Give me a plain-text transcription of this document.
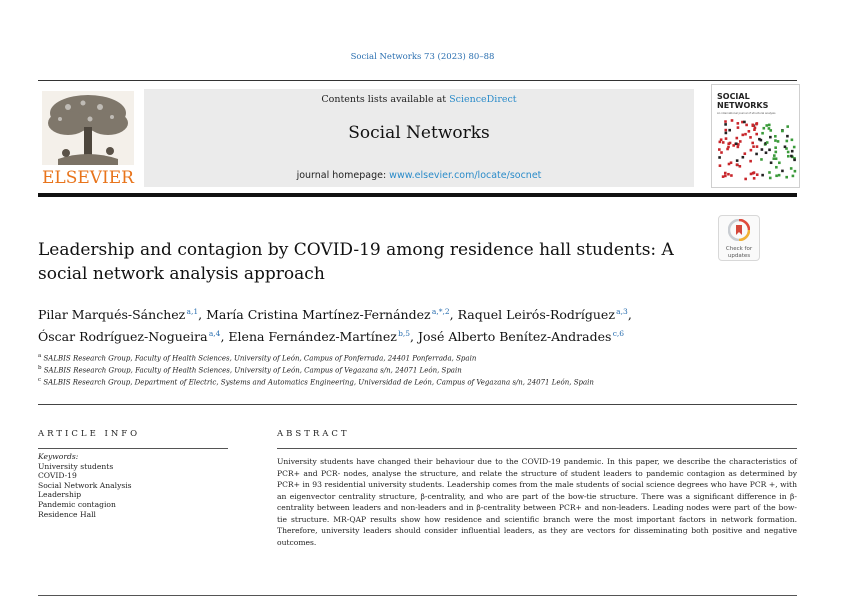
Social Networks 73 (2023) 80–88
ELSEVIER
Contents lists available at ScienceDirect
Social Networks
journal homepage: www.elsevier.com/locate/socnet
SOCIAL
NETWORKS
An international journal of structural analysis
Check for
updates
Leadership and contagion by COVID-19 among residence hall students: A social network analysis approach
Pilar Marqués-Sánchez $^{a,1}$, María Cristina Martínez-Fernández $^{a,*,2}$, Raquel Leirós-Rodríguez $^{a,3}$,
Óscar Rodríguez-Nogueira $^{a,4}$, Elena Fernández-Martínez $^{b,5}$, José Alberto Benítez-Andrades $^{c,6}$
$^a$ SALBIS Research Group, Faculty of Health Sciences, University of León, Campus of Ponferrada, 24401 Ponferrada, Spain
$^b$ SALBIS Research Group, Faculty of Health Sciences, University of León, Campus of Vegazana s/n, 24071 León, Spain
$^c$ SALBIS Research Group, Department of Electric, Systems and Automatics Engineering, Universidad de León, Campus of Vegazana s/n, 24071 León, Spain
ARTICLE INFO
Keywords:
University students
COVID-19
Social Network Analysis
Leadership
Pandemic contagion
Residence Hall
ABSTRACT

University students have changed their behaviour due to the COVID-19 pandemic. In this paper, we describe the characteristics of PCR+ and PCR- nodes, analyse the structure, and relate the structure of student leaders to pandemic contagion as determined by PCR+ in 93 residential university students. Leadership comes from the male students of social science degrees who have PCR +, with an eigenvector centrality structure, β-centrality, and who are part of the bow-tie structure. There was a significant difference in β-centrality between leaders and non-leaders and in β-centrality between PCR+ and non-leaders. Leading nodes were part of the bow-tie structure. MR-QAP results show how residence and scientific branch were the most important factors in network formation. Therefore, university leaders should consider influential leaders, as they are vectors for disseminating both positive and negative outcomes.
